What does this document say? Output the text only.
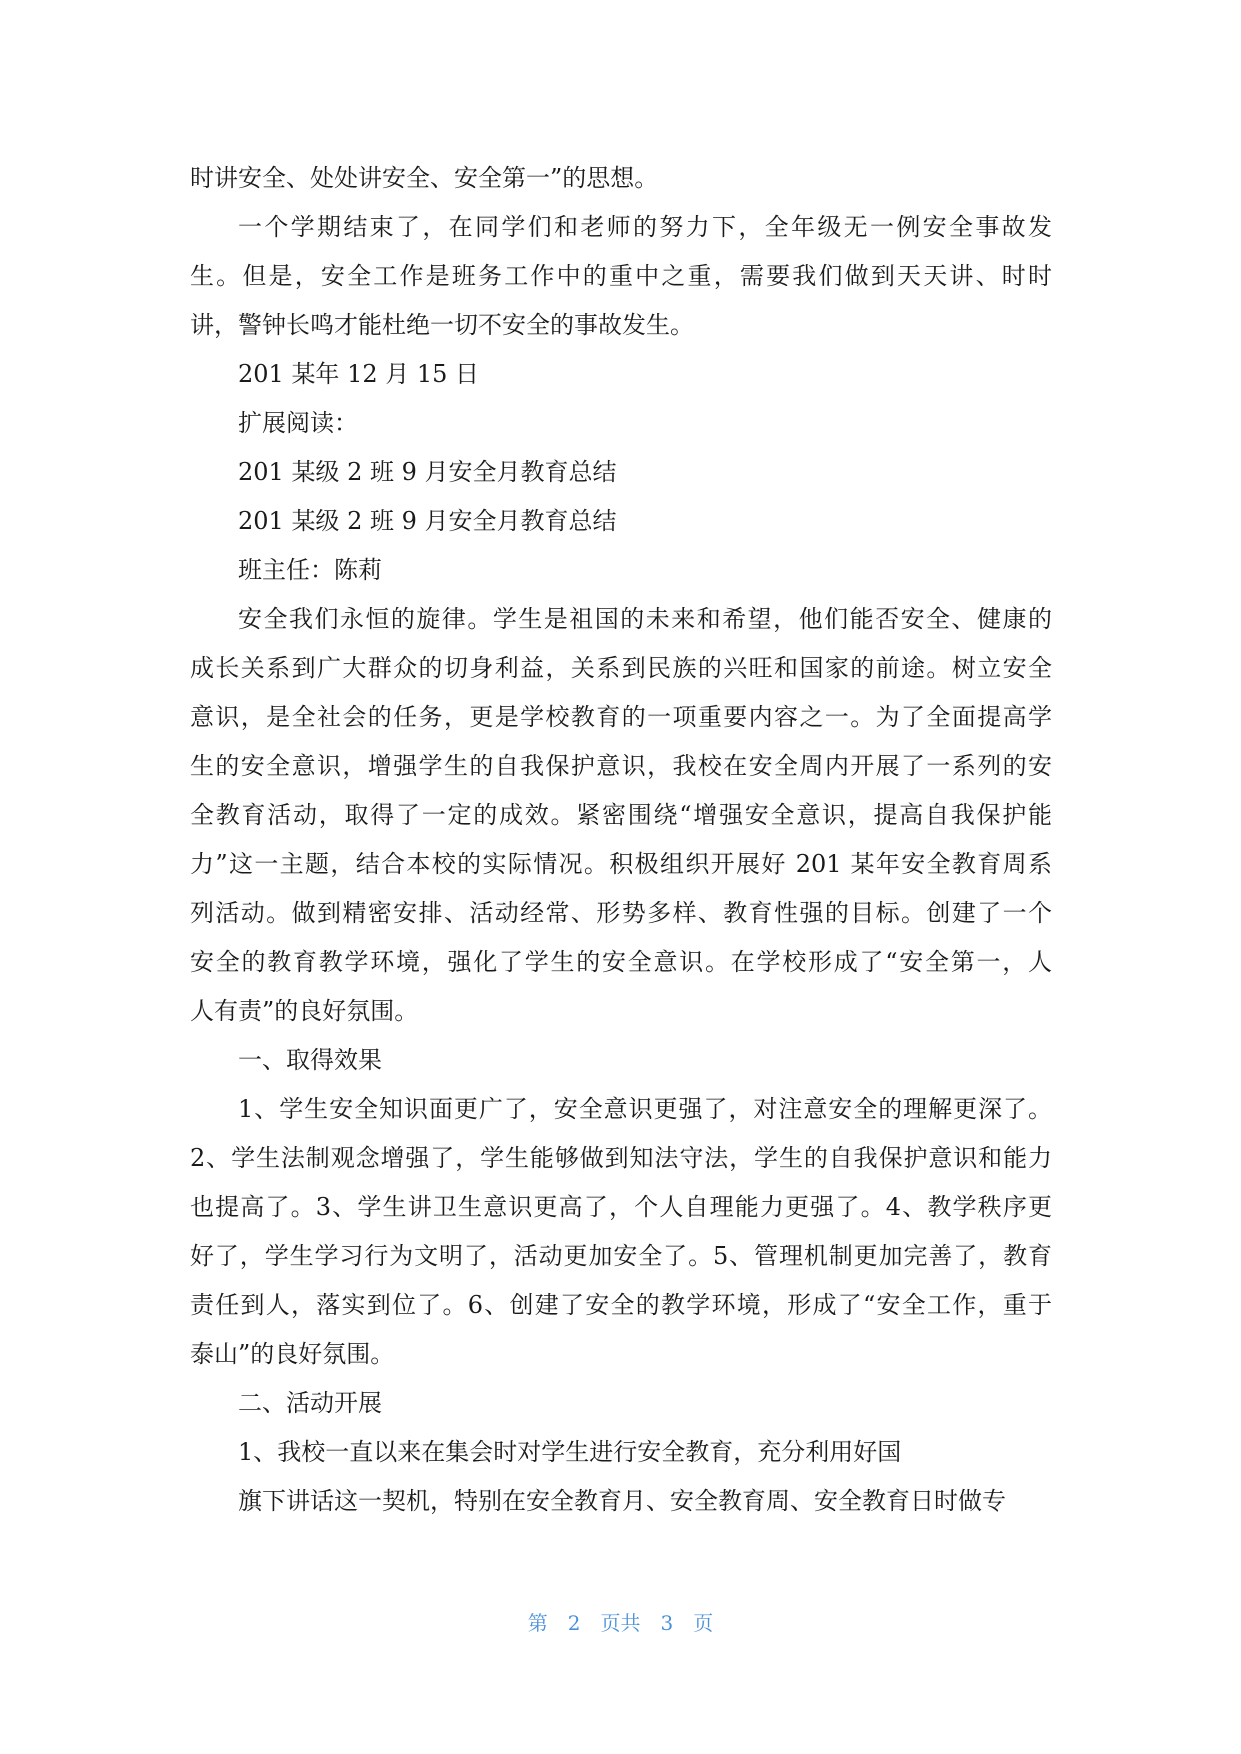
时讲安全、处处讲安全、安全第一”的思想。
一个学期结束了，在同学们和老师的努力下，全年级无一例安全事故发
生。但是，安全工作是班务工作中的重中之重，需要我们做到天天讲、时时
讲，警钟长鸣才能杜绝一切不安全的事故发生。
201 某年 12 月 15 日
扩展阅读：
201 某级 2 班 9 月安全月教育总结
201 某级 2 班 9 月安全月教育总结
班主任：陈莉
安全我们永恒的旋律。学生是祖国的未来和希望，他们能否安全、健康的
成长关系到广大群众的切身利益，关系到民族的兴旺和国家的前途。树立安全
意识，是全社会的任务，更是学校教育的一项重要内容之一。为了全面提高学
生的安全意识，增强学生的自我保护意识，我校在安全周内开展了一系列的安
全教育活动，取得了一定的成效。紧密围绕“增强安全意识，提高自我保护能
力”这一主题，结合本校的实际情况。积极组织开展好 201 某年安全教育周系
列活动。做到精密安排、活动经常、形势多样、教育性强的目标。创建了一个
安全的教育教学环境，强化了学生的安全意识。在学校形成了“安全第一，人
人有责”的良好氛围。
一、取得效果
1、学生安全知识面更广了，安全意识更强了，对注意安全的理解更深了。
2、学生法制观念增强了，学生能够做到知法守法，学生的自我保护意识和能力
也提高了。3、学生讲卫生意识更高了，个人自理能力更强了。4、教学秩序更
好了，学生学习行为文明了，活动更加安全了。5、管理机制更加完善了，教育
责任到人，落实到位了。6、创建了安全的教学环境，形成了“安全工作，重于
泰山”的良好氛围。
二、活动开展
1、我校一直以来在集会时对学生进行安全教育，充分利用好国
旗下讲话这一契机，特别在安全教育月、安全教育周、安全教育日时做专
第 2 页共 3 页
